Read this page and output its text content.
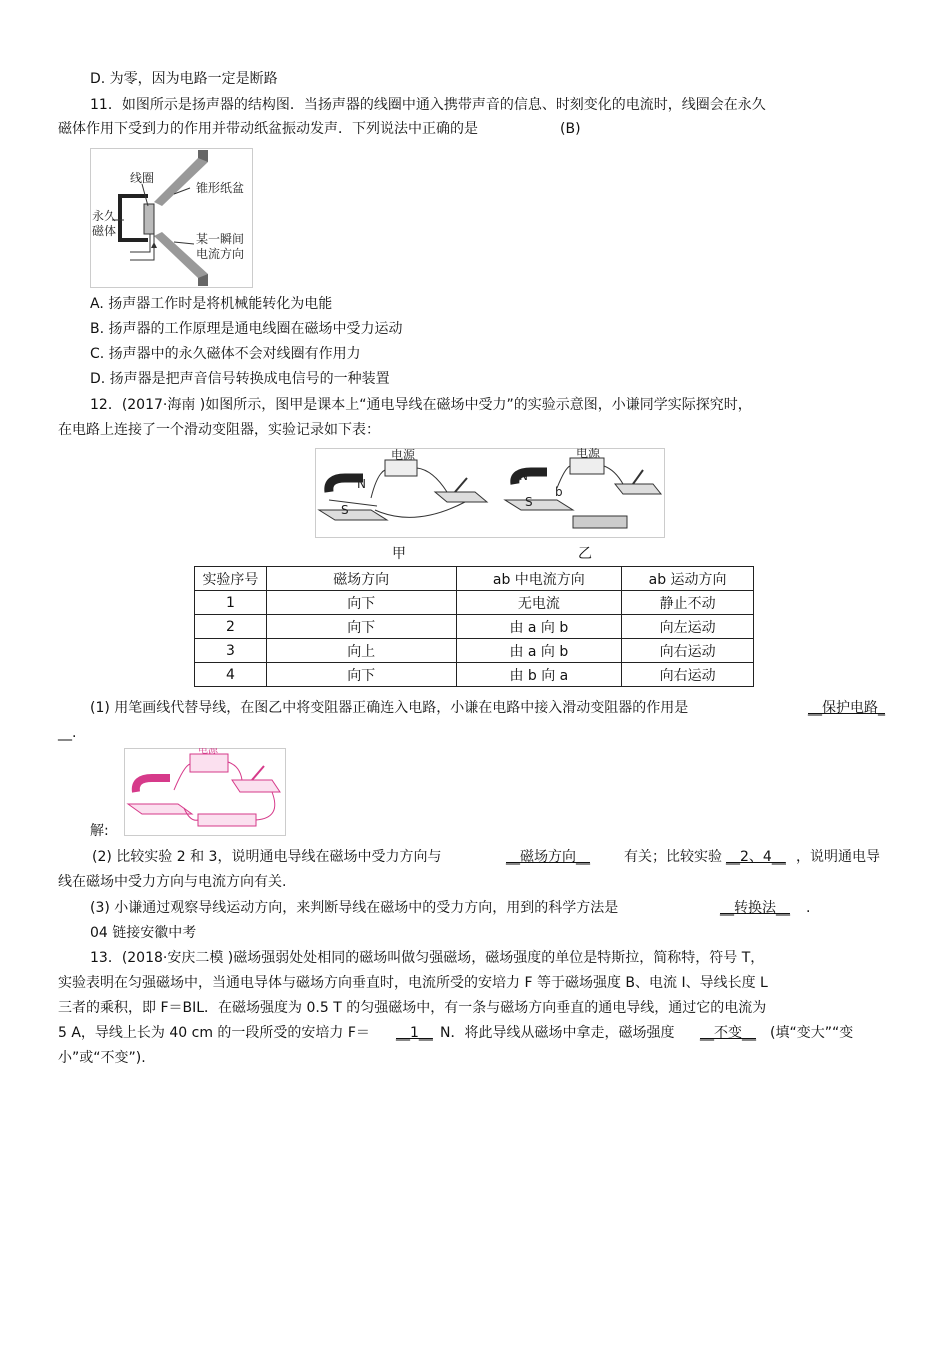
D. 为零，因为电路一定是断路
11．如图所示是扬声器的结构图．当扬声器的线圈中通入携带声音的信息、时刻变化的电流时，线圈会在永久
磁体作用下受到力的作用并带动纸盆振动发声．下列说法中正确的是	(B)
线圈
锥形纸盆
永久
磁体
某一瞬间
电流方向
A. 扬声器工作时是将机械能转化为电能
B. 扬声器的工作原理是通电线圈在磁场中受力运动
C. 扬声器中的永久磁体不会对线圈有作用力
D. 扬声器是把声音信号转换成电信号的一种装置
12．(2017·海南 )如图所示，图甲是课本上“通电导线在磁场中受力”的实验示意图，小谦同学实际探究时，
在电路上连接了一个滑动变阻器，实验记录如下表：
电源
N
S
电源
N
b
S
甲	乙
实验序号	磁场方向	ab 中电流方向	ab 运动方向
1	向下	无电流	静止不动
2	向下	由 a 向 b	向左运动
3	向上	由 a 向 b	向右运动
4	向下	由 b 向 a	向右运动
(1) 用笔画线代替导线，在图乙中将变阻器正确连入电路，小谦在电路中接入滑动变阻器的作用是	__保护电路_
__.
解:
电源
(2) 比较实验 2 和 3，说明通电导线在磁场中受力方向与	__磁场方向__ 有关；比较实验 __2、4__ ，说明通电导
线在磁场中受力方向与电流方向有关.
(3) 小谦通过观察导线运动方向，来判断导线在磁场中的受力方向，用到的科学方法是	__转换法__ .
04 链接安徽中考
13．(2018·安庆二模 )磁场强弱处处相同的磁场叫做匀强磁场，磁场强度的单位是特斯拉，简称特，符号 T，
实验表明在匀强磁场中，当通电导体与磁场方向垂直时，电流所受的安培力 F 等于磁场强度 B、电流 I、导线长度 L
三者的乘积，即 F＝BIL．在磁场强度为 0.5 T 的匀强磁场中，有一条与磁场方向垂直的通电导线，通过它的电流为
5 A，导线上长为 40 cm 的一段所受的安培力 F＝ __1__ N．将此导线从磁场中拿走，磁场强度 __不变__ (填“变大”“变
小”或“不变”).
